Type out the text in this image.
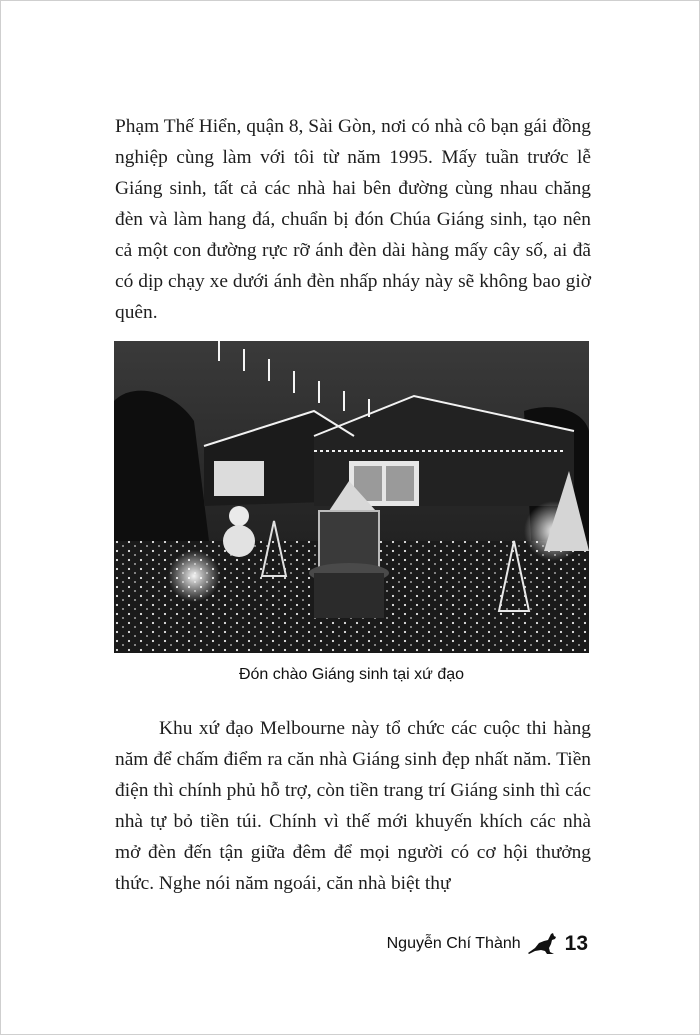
Phạm Thế Hiển, quận 8, Sài Gòn, nơi có nhà cô bạn gái đồng nghiệp cùng làm với tôi từ năm 1995. Mấy tuần trước lễ Giáng sinh, tất cả các nhà hai bên đường cùng nhau chăng đèn và làm hang đá, chuẩn bị đón Chúa Giáng sinh, tạo nên cả một con đường rực rỡ ánh đèn dài hàng mấy cây số, ai đã có dịp chạy xe dưới ánh đèn nhấp nháy này sẽ không bao giờ quên.

Đón chào Giáng sinh tại xứ đạo

Khu xứ đạo Melbourne này tổ chức các cuộc thi hàng năm để chấm điểm ra căn nhà Giáng sinh đẹp nhất năm. Tiền điện thì chính phủ hỗ trợ, còn tiền trang trí Giáng sinh thì các nhà tự bỏ tiền túi. Chính vì thế mới khuyến khích các nhà mở đèn đến tận giữa đêm để mọi người có cơ hội thưởng thức. Nghe nói năm ngoái, căn nhà biệt thự

Nguyễn Chí Thành 13
